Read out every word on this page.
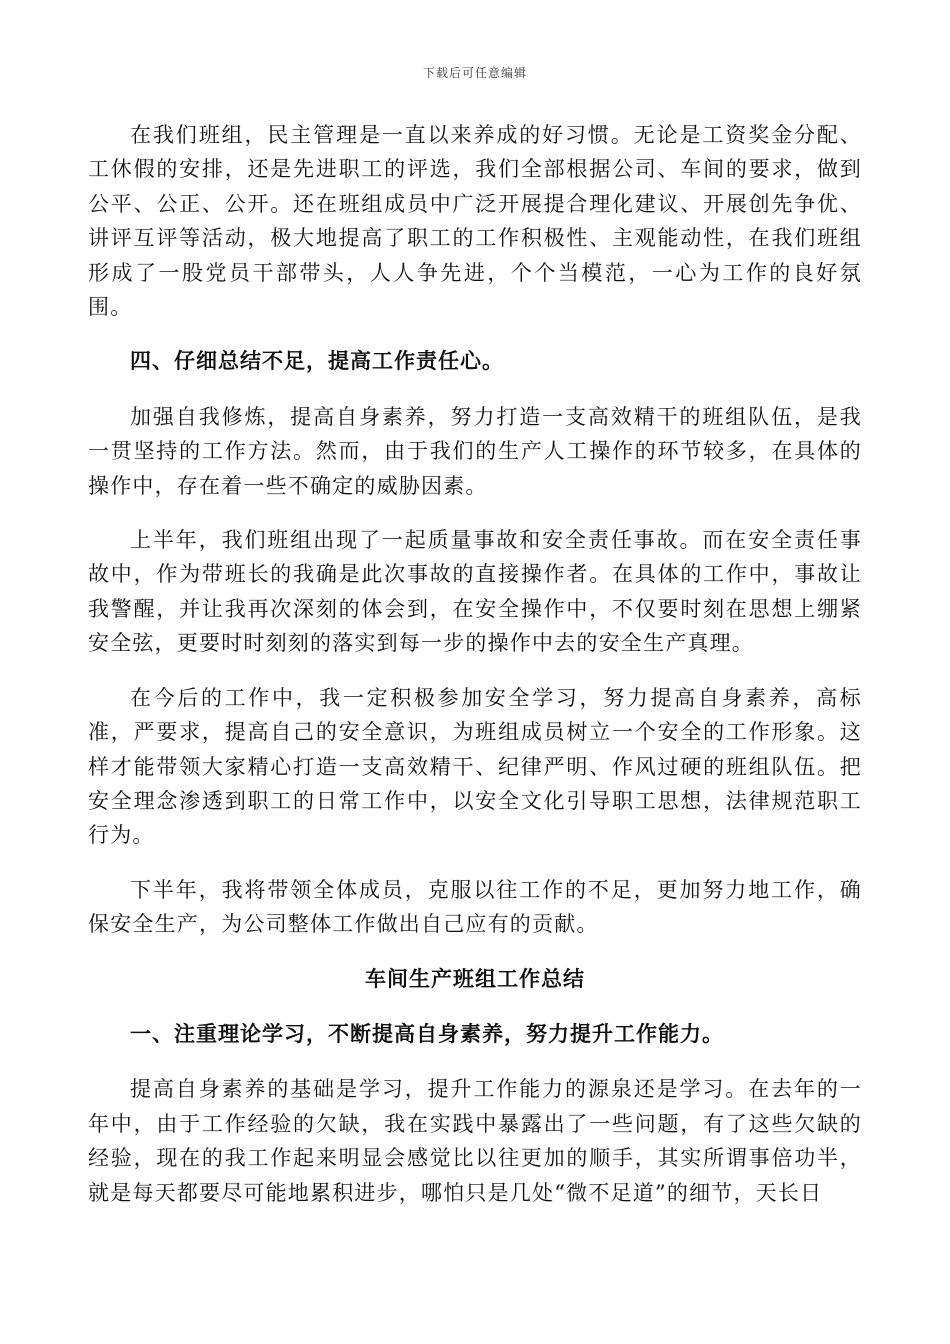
下载后可任意编辑

在我们班组，民主管理是一直以来养成的好习惯。无论是工资奖金分配、工休假的安排，还是先进职工的评选，我们全部根据公司、车间的要求，做到公平、公正、公开。还在班组成员中广泛开展提合理化建议、开展创先争优、讲评互评等活动，极大地提高了职工的工作积极性、主观能动性，在我们班组形成了一股党员干部带头，人人争先进，个个当模范，一心为工作的良好氛围。

四、仔细总结不足，提高工作责任心。

加强自我修炼，提高自身素养，努力打造一支高效精干的班组队伍，是我一贯坚持的工作方法。然而，由于我们的生产人工操作的环节较多，在具体的操作中，存在着一些不确定的威胁因素。

上半年，我们班组出现了一起质量事故和安全责任事故。而在安全责任事故中，作为带班长的我确是此次事故的直接操作者。在具体的工作中，事故让我警醒，并让我再次深刻的体会到，在安全操作中，不仅要时刻在思想上绷紧安全弦，更要时时刻刻的落实到每一步的操作中去的安全生产真理。

在今后的工作中，我一定积极参加安全学习，努力提高自身素养，高标准，严要求，提高自己的安全意识，为班组成员树立一个安全的工作形象。这样才能带领大家精心打造一支高效精干、纪律严明、作风过硬的班组队伍。把安全理念渗透到职工的日常工作中，以安全文化引导职工思想，法律规范职工行为。

下半年，我将带领全体成员，克服以往工作的不足，更加努力地工作，确保安全生产，为公司整体工作做出自己应有的贡献。

车间生产班组工作总结

一、注重理论学习，不断提高自身素养，努力提升工作能力。

提高自身素养的基础是学习，提升工作能力的源泉还是学习。在去年的一年中，由于工作经验的欠缺，我在实践中暴露出了一些问题，有了这些欠缺的经验，现在的我工作起来明显会感觉比以往更加的顺手，其实所谓事倍功半，就是每天都要尽可能地累积进步，哪怕只是几处“微不足道”的细节，天长日
